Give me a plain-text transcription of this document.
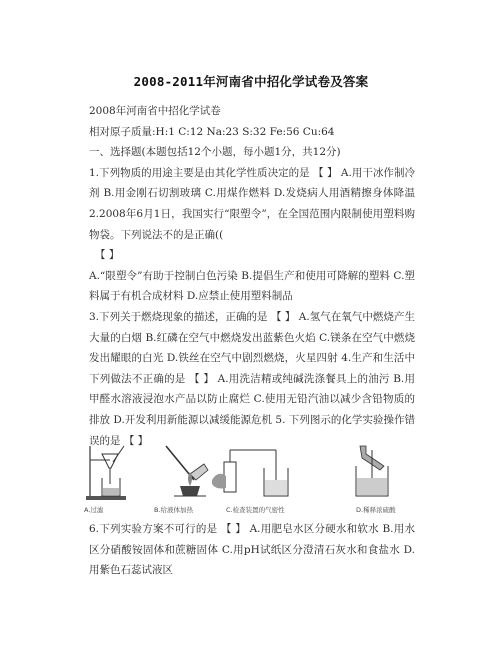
2008-2011年河南省中招化学试卷及答案

2008年河南省中招化学试卷

相对原子质量:H:1 C:12 Na:23 S:32 Fe:56 Cu:64

一、选择题(本题包括12个小题，每小题1分，共12分)

1.下列物质的用途主要是由其化学性质决定的是 【 】 A.用干冰作制冷剂 B.用金刚石切割玻璃 C.用煤作燃料 D.发烧病人用酒精擦身体降温 2.2008年6月1日，我国实行“限塑令”，在全国范围内限制使用塑料购物袋。下列说法不的是正确((

【 】

A.“限塑令”有助于控制白色污染 B.提倡生产和使用可降解的塑料 C.塑料属于有机合成材料 D.应禁止使用塑料制品

3.下列关于燃烧现象的描述，正确的是 【 】 A.氢气在氧气中燃烧产生大量的白烟 B.红磷在空气中燃烧发出蓝紫色火焰 C.镁条在空气中燃烧发出耀眼的白光 D.铁丝在空气中剧烈燃烧，火星四射 4.生产和生活中下列做法不正确的是 【 】 A.用洗洁精或纯碱洗涤餐具上的油污 B.用甲醛水溶液浸泡水产品以防止腐烂 C.使用无铅汽油以减少含铅物质的排放 D.开发利用新能源以减缓能源危机 5. 下列图示的化学实验操作错误的是 【 】

A.过滤	B.给液体加热	C.检查装置的气密性	D.稀释浓硫酸

6.下列实验方案不可行的是 【 】 A.用肥皂水区分硬水和软水 B.用水区分硝酸铵固体和蔗糖固体 C.用pH试纸区分澄清石灰水和食盐水 D.用紫色石蕊试液区
